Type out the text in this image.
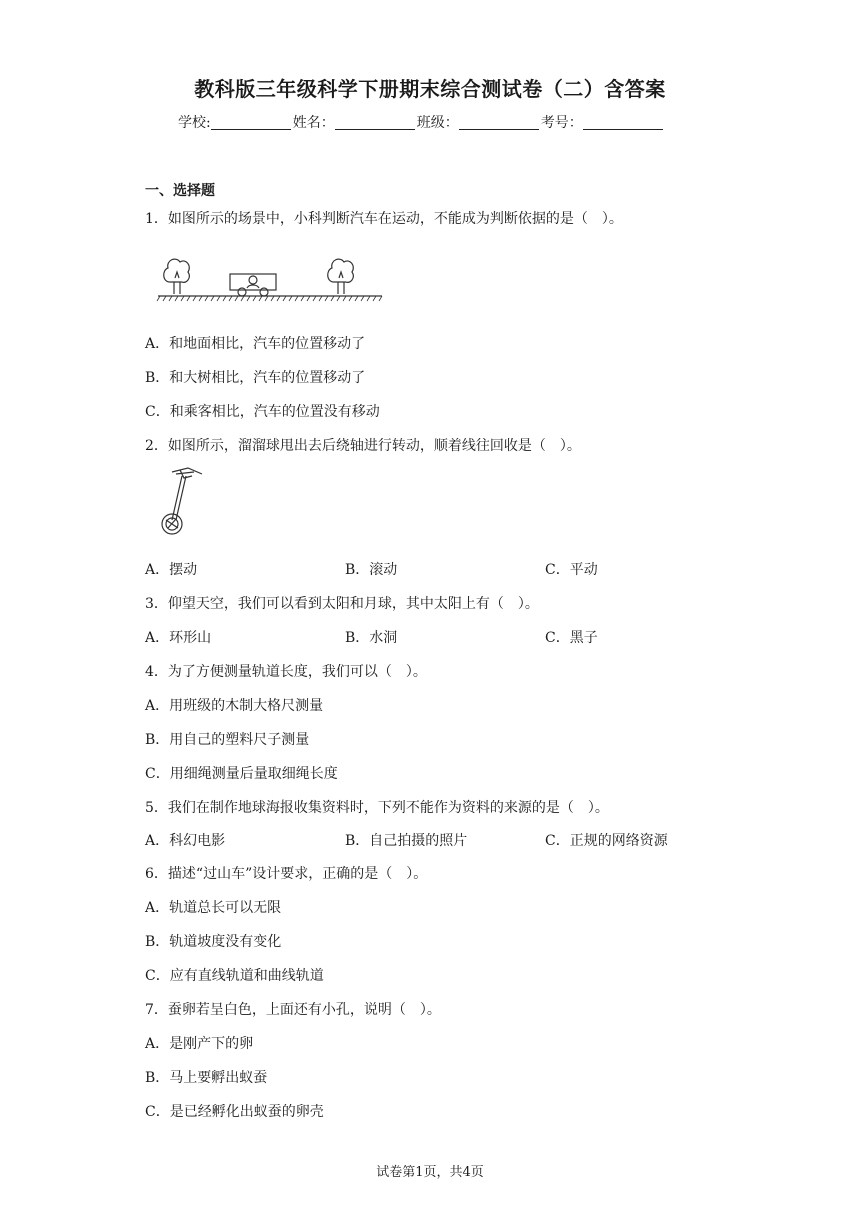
教科版三年级科学下册期末综合测试卷（二）含答案
学校:	姓名：	班级：	考号：
一、选择题
1．如图所示的场景中，小科判断汽车在运动，不能成为判断依据的是（　）。
A．和地面相比，汽车的位置移动了
B．和大树相比，汽车的位置移动了
C．和乘客相比，汽车的位置没有移动
2．如图所示，溜溜球甩出去后绕轴进行转动，顺着线往回收是（　）。
A．摆动	B．滚动	C．平动
3．仰望天空，我们可以看到太阳和月球，其中太阳上有（　）。
A．环形山	B．水洞	C．黑子
4．为了方便测量轨道长度，我们可以（　）。
A．用班级的木制大格尺测量
B．用自己的塑料尺子测量
C．用细绳测量后量取细绳长度
5．我们在制作地球海报收集资料时，下列不能作为资料的来源的是（　）。
A．科幻电影	B．自己拍摄的照片	C．正规的网络资源
6．描述“过山车”设计要求，正确的是（　）。
A．轨道总长可以无限
B．轨道坡度没有变化
C．应有直线轨道和曲线轨道
7．蚕卵若呈白色，上面还有小孔，说明（　）。
A．是刚产下的卵
B．马上要孵出蚁蚕
C．是已经孵化出蚁蚕的卵壳
试卷第1页，共4页
